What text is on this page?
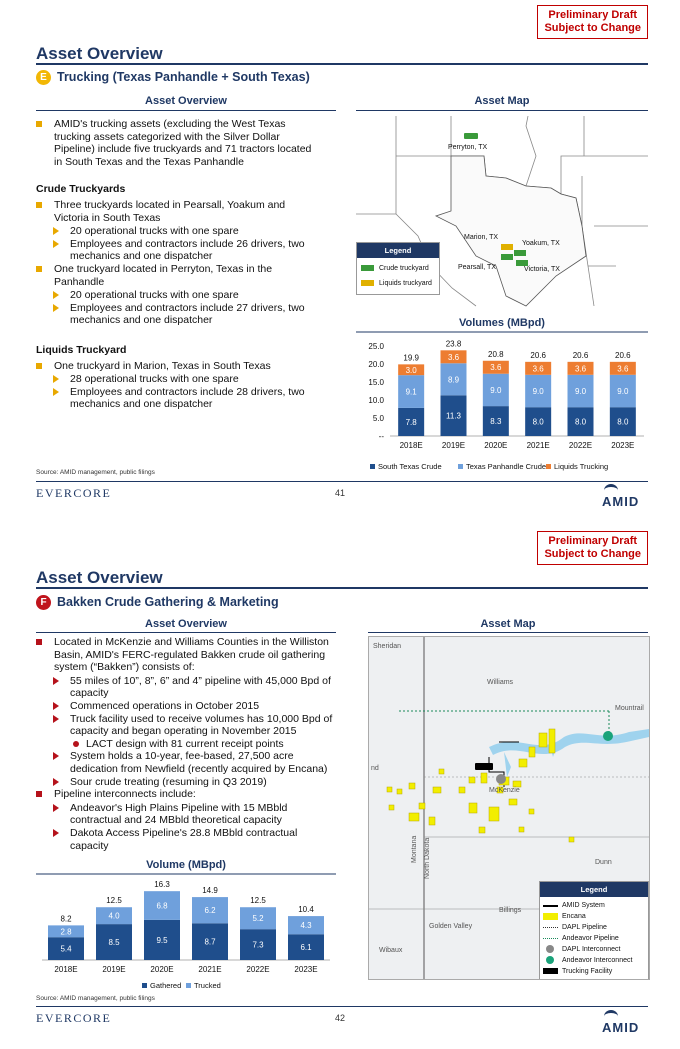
Preliminary Draft
Subject to Change
Asset Overview
E Trucking (Texas Panhandle + South Texas)
Asset Overview	Asset Map
AMID's trucking assets (excluding the West Texas trucking assets categorized with the Silver Dollar Pipeline) include five truckyards and 71 tractors located in South Texas and the Texas Panhandle
Crude Truckyards
Three truckyards located in Pearsall, Yoakum and Victoria in South Texas
20 operational trucks with one spare
Employees and contractors include 26 drivers, two mechanics and one dispatcher
One truckyard located in Perryton, Texas in the Panhandle
20 operational trucks with one spare
Employees and contractors include 27 drivers, two mechanics and one dispatcher
Liquids Truckyard
One truckyard in Marion, Texas in South Texas
28 operational trucks with one spare
Employees and contractors include 28 drivers, two mechanics and one dispatcher
Perryton, TX
Marion, TX
Yoakum, TX
Pearsall, TX	Victoria, TX
Legend
Crude truckyard
Liquids truckyard
Volumes (MBpd)
25.0
20.0
15.0
10.0
5.0
--
7.8
9.1
3.0
19.9
2018E
11.3
8.9
3.6
23.8
2019E
8.3
9.0
3.6
20.8
2020E
8.0
9.0
3.6
20.6
2021E
8.0
9.0
3.6
20.6
2022E
8.0
9.0
3.6
20.6
2023E
South Texas Crude	Texas Panhandle Crude Liquids Trucking
Source: AMID management, public filings
EVERCORE	41
AMID
Preliminary Draft
Subject to Change
Asset Overview
F Bakken Crude Gathering & Marketing
Asset Overview	Asset Map
Located in McKenzie and Williams Counties in the Williston Basin, AMID's FERC-regulated Bakken crude oil gathering system (“Bakken”) consists of:
55 miles of 10”, 8”, 6” and 4” pipeline with 45,000 Bpd of capacity
Commenced operations in October 2015
Truck facility used to receive volumes has 10,000 Bpd of capacity and began operating in November 2015
LACT design with 81 current receipt points
System holds a 10-year, fee-based, 27,500 acre dedication from Newfield (recently acquired by Encana)
Sour crude treating (resuming in Q3 2019)
Pipeline interconnects include:
Andeavor's High Plains Pipeline with 15 MBbld contractual and 24 MBbld theoretical capacity
Dakota Access Pipeline's 28.8 MBbld contractual capacity
Volume (MBpd)
5.4
2.8
8.2
2018E
8.5
4.0
12.5
2019E
9.5
6.8
16.3
2020E
8.7
6.2
14.9
2021E
7.3
5.2
12.5
2022E
6.1
4.3
10.4
2023E
Gathered Trucked
Sheridan
Williams
Mountrail
nd
McKenzie
Montana North Dakota	Dunn
Billings
Golden Valley
Wibaux
Legend
AMID System
Encana
DAPL Pipeline
Andeavor Pipeline
DAPL Interconnect
Andeavor Interconnect
Trucking Facility
Source: AMID management, public filings
EVERCORE	42
AMID
